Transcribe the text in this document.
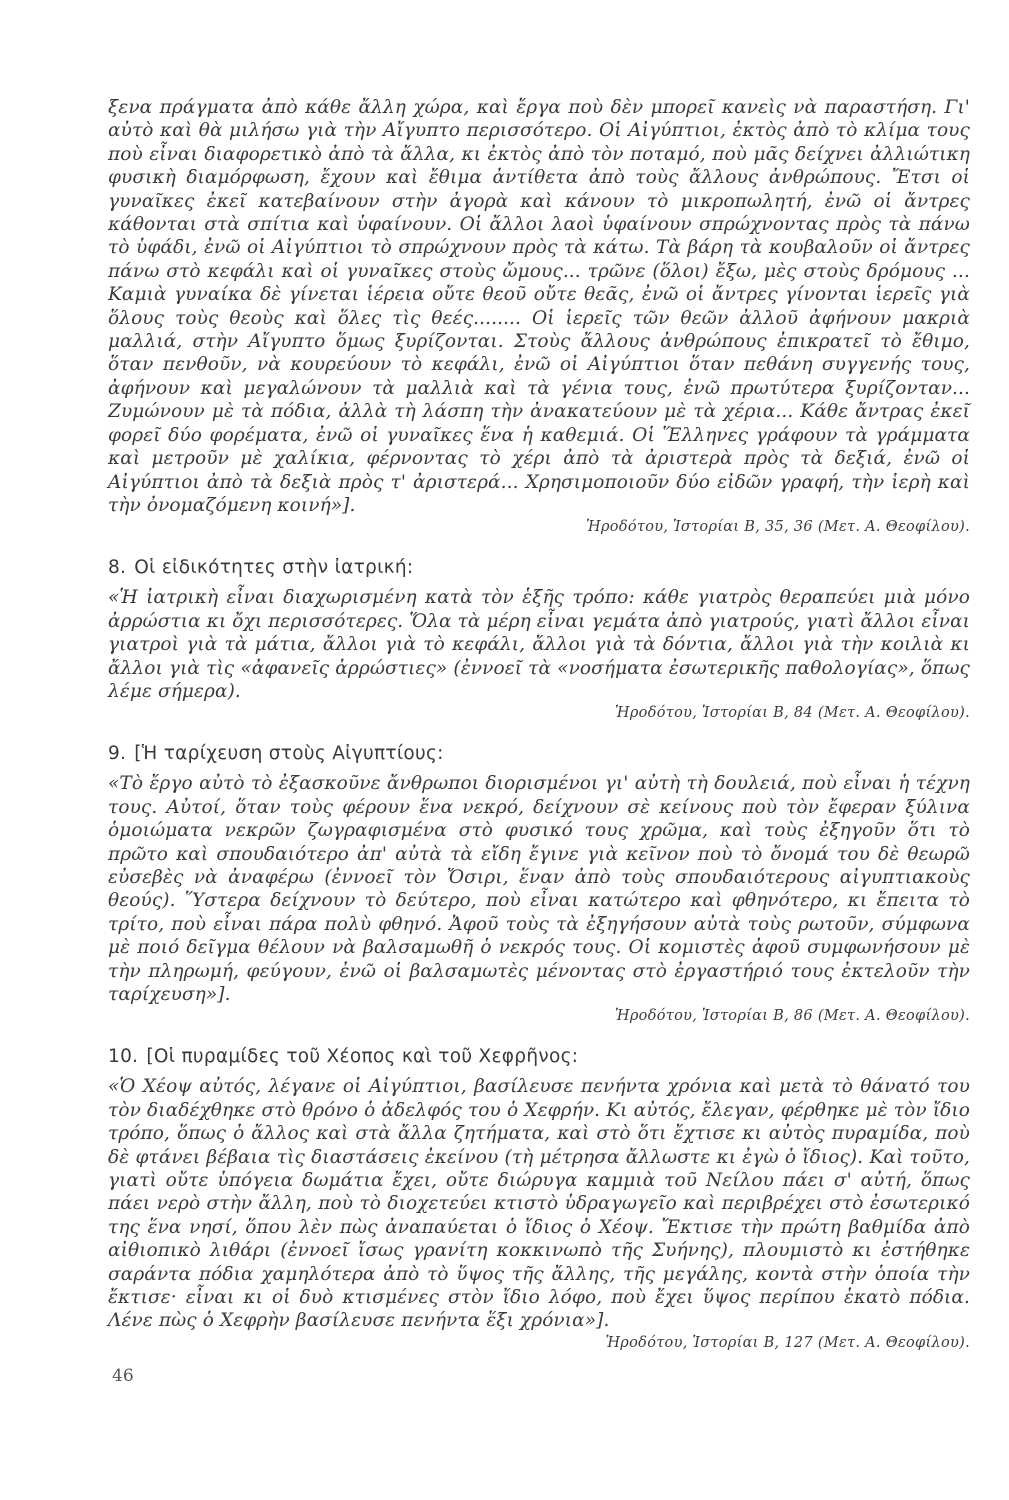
ξενα πράγματα ἀπὸ κάθε ἄλλη χώρα, καὶ ἔργα ποὺ δὲν μπορεῖ κανεὶς νὰ παραστήση. Γι' αὐτὸ καὶ θὰ μιλήσω γιὰ τὴν Αἴγυπτο περισσότερο. Οἱ Αἰγύπτιοι, ἐκτὸς ἀπὸ τὸ κλίμα τους ποὺ εἶναι διαφορετικὸ ἀπὸ τὰ ἄλλα, κι ἐκτὸς ἀπὸ τὸν ποταμό, ποὺ μᾶς δείχνει ἀλλιώτικη φυσικὴ διαμόρφωση, ἔχουν καὶ ἔθιμα ἀντίθετα ἀπὸ τοὺς ἄλλους ἀνθρώπους. Ἔτσι οἱ γυναῖκες ἐκεῖ κατεβαίνουν στὴν ἀγορὰ καὶ κάνουν τὸ μικροπωλητή, ἐνῶ οἱ ἄντρες κάθονται στὰ σπίτια καὶ ὑφαίνουν. Οἱ ἄλλοι λαοὶ ὑφαίνουν σπρώχνοντας πρὸς τὰ πάνω τὸ ὑφάδι, ἐνῶ οἱ Αἰγύπτιοι τὸ σπρώχνουν πρὸς τὰ κάτω. Τὰ βάρη τὰ κουβαλοῦν οἱ ἄντρες πάνω στὸ κεφάλι καὶ οἱ γυναῖκες στοὺς ὤμους... τρῶνε (ὅλοι) ἔξω, μὲς στοὺς δρόμους ... Καμιὰ γυναίκα δὲ γίνεται ἱέρεια οὔτε θεοῦ οὔτε θεᾶς, ἐνῶ οἱ ἄντρες γίνονται ἱερεῖς γιὰ ὅλους τοὺς θεοὺς καὶ ὅλες τὶς θεές........ Οἱ ἱερεῖς τῶν θεῶν ἀλλοῦ ἀφήνουν μακριὰ μαλλιά, στὴν Αἴγυπτο ὅμως ξυρίζονται. Στοὺς ἄλλους ἀνθρώπους ἐπικρατεῖ τὸ ἔθιμο, ὅταν πενθοῦν, νὰ κουρεύουν τὸ κεφάλι, ἐνῶ οἱ Αἰγύπτιοι ὅταν πεθάνη συγγενής τους, ἀφήνουν καὶ μεγαλώνουν τὰ μαλλιὰ καὶ τὰ γένια τους, ἐνῶ πρωτύτερα ξυρίζονταν... Ζυμώνουν μὲ τὰ πόδια, ἀλλὰ τὴ λάσπη τὴν ἀνακατεύουν μὲ τὰ χέρια... Κάθε ἄντρας ἐκεῖ φορεῖ δύο φορέματα, ἐνῶ οἱ γυναῖκες ἕνα ἡ καθεμιά. Οἱ Ἕλληνες γράφουν τὰ γράμματα καὶ μετροῦν μὲ χαλίκια, φέρνοντας τὸ χέρι ἀπὸ τὰ ἀριστερὰ πρὸς τὰ δεξιά, ἐνῶ οἱ Αἰγύπτιοι ἀπὸ τὰ δεξιὰ πρὸς τ' ἀριστερά... Χρησιμοποιοῦν δύο εἰδῶν γραφή, τὴν ἱερὴ καὶ τὴν ὀνομαζόμενη κοινή»].

Ἡροδότου, Ἱστορίαι Β, 35, 36 (Μετ. Α. Θεοφίλου).

8. Οἱ εἰδικότητες στὴν ἰατρική:

«Ἡ ἰατρικὴ εἶναι διαχωρισμένη κατὰ τὸν ἑξῆς τρόπο: κάθε γιατρὸς θεραπεύει μιὰ μόνο ἀρρώστια κι ὄχι περισσότερες. Ὅλα τὰ μέρη εἶναι γεμάτα ἀπὸ γιατρούς, γιατὶ ἄλλοι εἶναι γιατροὶ γιὰ τὰ μάτια, ἄλλοι γιὰ τὸ κεφάλι, ἄλλοι γιὰ τὰ δόντια, ἄλλοι γιὰ τὴν κοιλιὰ κι ἄλλοι γιὰ τὶς «ἀφανεῖς ἀρρώστιες» (ἐννοεῖ τὰ «νοσήματα ἐσωτερικῆς παθολογίας», ὅπως λέμε σήμερα).

Ἡροδότου, Ἱστορίαι Β, 84 (Μετ. Α. Θεοφίλου).

9. [Ἡ ταρίχευση στοὺς Αἰγυπτίους:

«Τὸ ἔργο αὐτὸ τὸ ἐξασκοῦνε ἄνθρωποι διορισμένοι γι' αὐτὴ τὴ δουλειά, ποὺ εἶναι ἡ τέχνη τους. Αὐτοί, ὅταν τοὺς φέρουν ἕνα νεκρό, δείχνουν σὲ κείνους ποὺ τὸν ἔφεραν ξύλινα ὁμοιώματα νεκρῶν ζωγραφισμένα στὸ φυσικό τους χρῶμα, καὶ τοὺς ἐξηγοῦν ὅτι τὸ πρῶτο καὶ σπουδαιότερο ἀπ' αὐτὰ τὰ εἴδη ἔγινε γιὰ κεῖνον ποὺ τὸ ὄνομά του δὲ θεωρῶ εὐσεβὲς νὰ ἀναφέρω (ἐννοεῖ τὸν Ὄσιρι, ἕναν ἀπὸ τοὺς σπουδαιότερους αἰγυπτιακοὺς θεούς). Ὕστερα δείχνουν τὸ δεύτερο, ποὺ εἶναι κατώτερο καὶ φθηνότερο, κι ἔπειτα τὸ τρίτο, ποὺ εἶναι πάρα πολὺ φθηνό. Ἀφοῦ τοὺς τὰ ἐξηγήσουν αὐτὰ τοὺς ρωτοῦν, σύμφωνα μὲ ποιό δεῖγμα θέλουν νὰ βαλσαμωθῆ ὁ νεκρός τους. Οἱ κομιστὲς ἀφοῦ συμφωνήσουν μὲ τὴν πληρωμή, φεύγουν, ἐνῶ οἱ βαλσαμωτὲς μένοντας στὸ ἐργαστήριό τους ἐκτελοῦν τὴν ταρίχευση»].

Ἡροδότου, Ἱστορίαι Β, 86 (Μετ. Α. Θεοφίλου).

10. [Οἱ πυραμίδες τοῦ Χέοπος καὶ τοῦ Χεφρῆνος:

«Ὁ Χέοψ αὐτός, λέγανε οἱ Αἰγύπτιοι, βασίλευσε πενήντα χρόνια καὶ μετὰ τὸ θάνατό του τὸν διαδέχθηκε στὸ θρόνο ὁ ἀδελφός του ὁ Χεφρήν. Κι αὐτός, ἔλεγαν, φέρθηκε μὲ τὸν ἴδιο τρόπο, ὅπως ὁ ἄλλος καὶ στὰ ἄλλα ζητήματα, καὶ στὸ ὅτι ἔχτισε κι αὐτὸς πυραμίδα, ποὺ δὲ φτάνει βέβαια τὶς διαστάσεις ἐκείνου (τὴ μέτρησα ἄλλωστε κι ἐγὼ ὁ ἴδιος). Καὶ τοῦτο, γιατὶ οὔτε ὑπόγεια δωμάτια ἔχει, οὔτε διώρυγα καμμιὰ τοῦ Νείλου πάει σ' αὐτή, ὅπως πάει νερὸ στὴν ἄλλη, ποὺ τὸ διοχετεύει κτιστὸ ὑδραγωγεῖο καὶ περιβρέχει στὸ ἐσωτερικό της ἕνα νησί, ὅπου λὲν πὼς ἀναπαύεται ὁ ἴδιος ὁ Χέοψ. Ἔκτισε τὴν πρώτη βαθμίδα ἀπὸ αἰθιοπικὸ λιθάρι (ἐννοεῖ ἴσως γρανίτη κοκκινωπὸ τῆς Συήνης), πλουμιστὸ κι ἐστήθηκε σαράντα πόδια χαμηλότερα ἀπὸ τὸ ὕψος τῆς ἄλλης, τῆς μεγάλης, κοντὰ στὴν ὁποία τὴν ἔκτισε· εἶναι κι οἱ δυὸ κτισμένες στὸν ἴδιο λόφο, ποὺ ἔχει ὕψος περίπου ἑκατὸ πόδια. Λένε πὼς ὁ Χεφρὴν βασίλευσε πενήντα ἕξι χρόνια»].

Ἡροδότου, Ἱστορίαι Β, 127 (Μετ. Α. Θεοφίλου).

46
